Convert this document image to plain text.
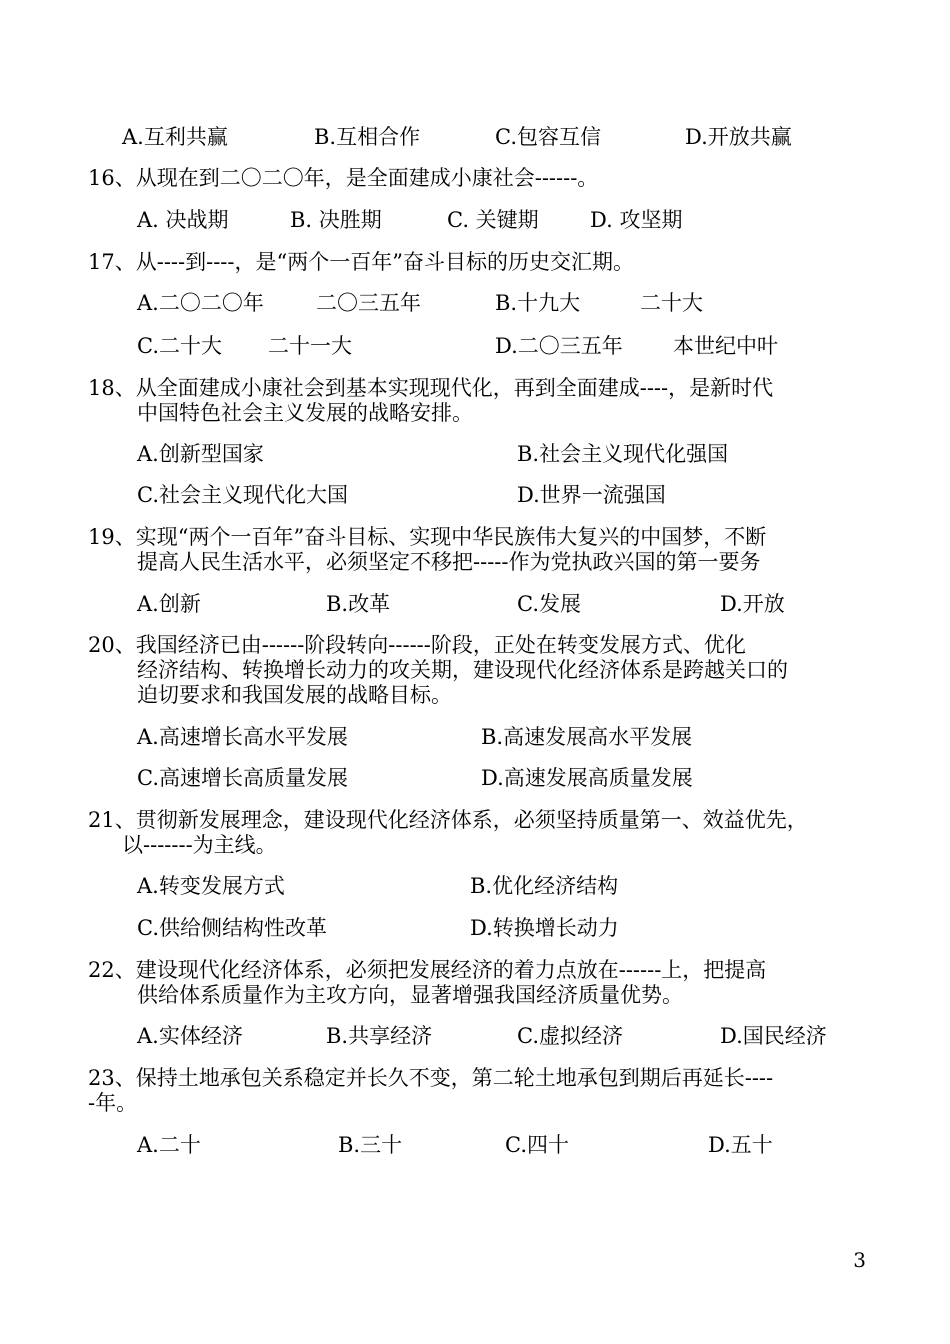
A.互利共赢	B.互相合作	C.包容互信	D.开放共赢
16、从现在到二〇二〇年，是全面建成小康社会------。
A. 决战期	B. 决胜期	C. 关键期 D. 攻坚期
17、从----到----，是“两个一百年”奋斗目标的历史交汇期。
A.二〇二〇年 二〇三五年	B.十九大	二十大
C.二十大 二十一大	D.二〇三五年 本世纪中叶
18、从全面建成小康社会到基本实现现代化，再到全面建成----，是新时代
中国特色社会主义发展的战略安排。
A.创新型国家	B.社会主义现代化强国
C.社会主义现代化大国	D.世界一流强国
19、实现“两个一百年”奋斗目标、实现中华民族伟大复兴的中国梦，不断
提高人民生活水平，必须坚定不移把-----作为党执政兴国的第一要务
A.创新	B.改革	C.发展	D.开放
20、我国经济已由------阶段转向------阶段，正处在转变发展方式、优化
经济结构、转换增长动力的攻关期，建设现代化经济体系是跨越关口的
迫切要求和我国发展的战略目标。
A.高速增长高水平发展	B.高速发展高水平发展
C.高速增长高质量发展	D.高速发展高质量发展
21、贯彻新发展理念，建设现代化经济体系，必须坚持质量第一、效益优先，
以-------为主线。
A.转变发展方式	B.优化经济结构
C.供给侧结构性改革	D.转换增长动力
22、建设现代化经济体系，必须把发展经济的着力点放在------上，把提高
供给体系质量作为主攻方向，显著增强我国经济质量优势。
A.实体经济	B.共享经济	C.虚拟经济	D.国民经济
23、保持土地承包关系稳定并长久不变，第二轮土地承包到期后再延长----
-年。
A.二十	B.三十	C.四十	D.五十
3
